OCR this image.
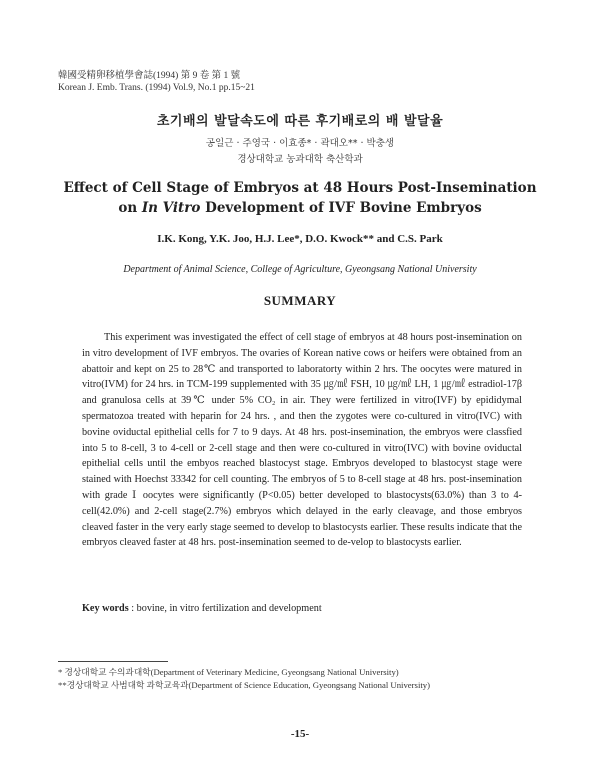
韓國受精卵移植學會誌(1994) 第 9 卷 第 1 號
Korean J. Emb. Trans. (1994) Vol.9, No.1 pp.15~21
초기배의 발달속도에 따른 후기배로의 배 발달율
공일근 · 주영국 · 이효종* · 곽대오** · 박충생
경상대학교 농과대학 축산학과
Effect of Cell Stage of Embryos at 48 Hours Post-Insemination
on In Vitro Development of IVF Bovine Embryos
I.K. Kong, Y.K. Joo, H.J. Lee*, D.O. Kwock** and C.S. Park
Department of Animal Science, College of Agriculture, Gyeongsang National University
SUMMARY

This experiment was investigated the effect of cell stage of embryos at 48 hours post-insemination on in vitro development of IVF embryos. The ovaries of Korean native cows or heifers were obtained from an abattoir and kept on 25 to 28℃ and transported to laboratorty within 2 hrs. The oocytes were matured in vitro(IVM) for 24 hrs. in TCM-199 supplemented with 35 ㎍/㎖ FSH, 10 ㎍/㎖ LH, 1 ㎍/㎖ estradiol-17β and granulosa cells at 39℃ under 5% CO₂ in air. They were fertilized in vitro(IVF) by epididymal spermatozoa treated with heparin for 24 hrs. , and then the zygotes were co-cultured in vitro(IVC) with bovine oviductal epithelial cells for 7 to 9 days. At 48 hrs. post-insemination, the embryos were classfied into 5 to 8-cell, 3 to 4-cell or 2-cell stage and then were co-cultured in vitro(IVC) with bovine oviductal epithelial cells until the embyos reached blastocyst stage. Embryos developed to blastocyst stage were stained with Hoechst 33342 for cell counting. The embryos of 5 to 8-cell stage at 48 hrs. post-insemination with grade Ⅰ oocytes were significantly (P<0.05) better developed to blastocysts(63.0%) than 3 to 4-cell(42.0%) and 2-cell stage(2.7%) embryos which delayed in the early cleavage, and those embryos cleaved faster in the very early stage seemed to develop to blastocysts earlier. These results indicate that the embryos cleaved faster at 48 hrs. post-insemination seemed to de-velop to blastocysts earlier.

Key words : bovine, in vitro fertilization and development
* 경상대학교 수의과대학(Department of Veterinary Medicine, Gyeongsang National University)
**경상대학교 사범대학 과학교육과(Department of Science Education, Gyeongsang National University)
-15-
